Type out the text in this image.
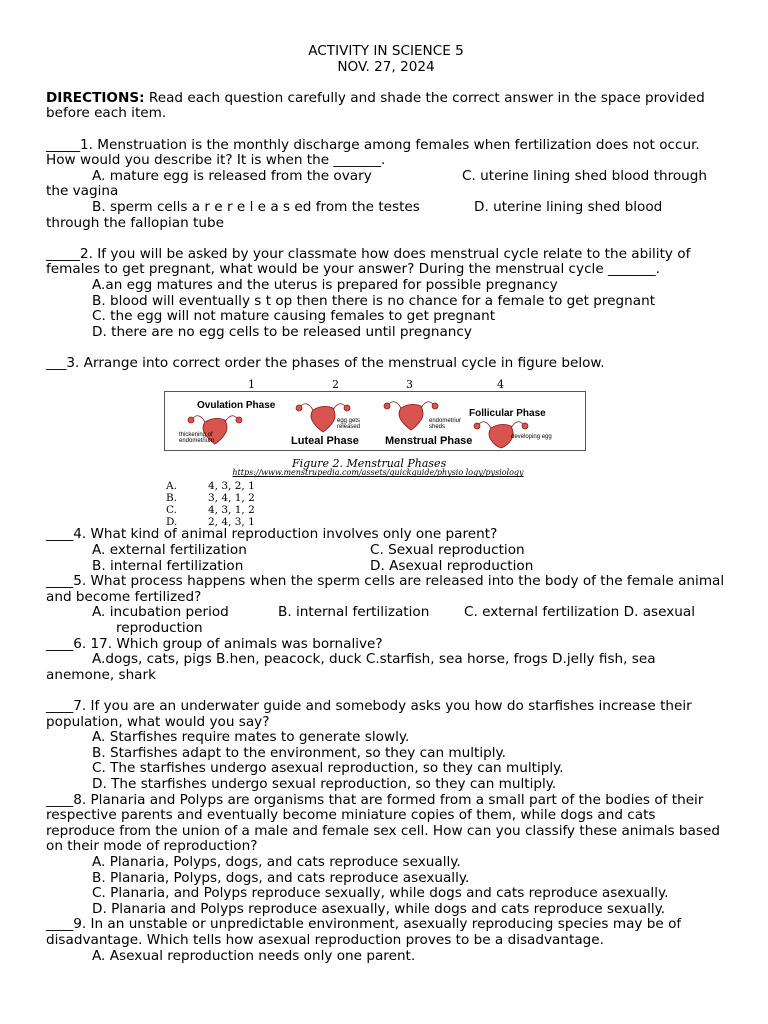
ACTIVITY IN SCIENCE 5

NOV. 27, 2024

DIRECTIONS: Read each question carefully and shade the correct answer in the space provided before each item.

_____1. Menstruation is the monthly discharge among females when fertilization does not occur. How would you describe it? It is when the _______.

A. mature egg is released from the ovary	C. uterine lining shed blood through

the vagina

B. sperm cells a r e r e l e a s ed from the testes	D. uterine lining shed blood

through the fallopian tube

_____2. If you will be asked by your classmate how does menstrual cycle relate to the ability of females to get pregnant, what would be your answer? During the menstrual cycle _______.

A.an egg matures and the uterus is prepared for possible pregnancy

B. blood will eventually s t op then there is no chance for a female to get pregnant

C. the egg will not mature causing females to get pregnant

D. there are no egg cells to be released until pregnancy

___3. Arrange into correct order the phases of the menstrual cycle in figure below.

1	2	3	4
Ovulation Phase
Luteal Phase Menstrual Phase
Follicular Phase
thickening of endometrium
egg gets released
endometriur sheds
developing egg
Figure 2. Menstrual Phases
https://www.menstrupedia.com/assets/quickguide/physio logy/pysiology
A.	4, 3, 2, 1
B.	3, 4, 1, 2
C.	4, 3, 1, 2
D.	2, 4, 3, 1

____4. What kind of animal reproduction involves only one parent?

A. external fertilization	C. Sexual reproduction
B. internal fertilization	D. Asexual reproduction

____5. What process happens when the sperm cells are released into the body of the female animal and become fertilized?

A. incubation period	B. internal fertilization	C. external fertilization D. asexual

reproduction

____6. 17. Which group of animals was bornalive?

A.dogs, cats, pigs B.hen, peacock, duck C.starfish, sea horse, frogs D.jelly fish, sea

anemone, shark

____7. If you are an underwater guide and somebody asks you how do starfishes increase their population, what would you say?

A. Starfishes require mates to generate slowly.

B. Starfishes adapt to the environment, so they can multiply.

C. The starfishes undergo asexual reproduction, so they can multiply.

D. The starfishes undergo sexual reproduction, so they can multiply.

____8. Planaria and Polyps are organisms that are formed from a small part of the bodies of their respective parents and eventually become miniature copies of them, while dogs and cats reproduce from the union of a male and female sex cell. How can you classify these animals based on their mode of reproduction?

A. Planaria, Polyps, dogs, and cats reproduce sexually.

B. Planaria, Polyps, dogs, and cats reproduce asexually.

C. Planaria, and Polyps reproduce sexually, while dogs and cats reproduce asexually.

D. Planaria and Polyps reproduce asexually, while dogs and cats reproduce sexually.

____9. In an unstable or unpredictable environment, asexually reproducing species may be of disadvantage. Which tells how asexual reproduction proves to be a disadvantage.

A. Asexual reproduction needs only one parent.
